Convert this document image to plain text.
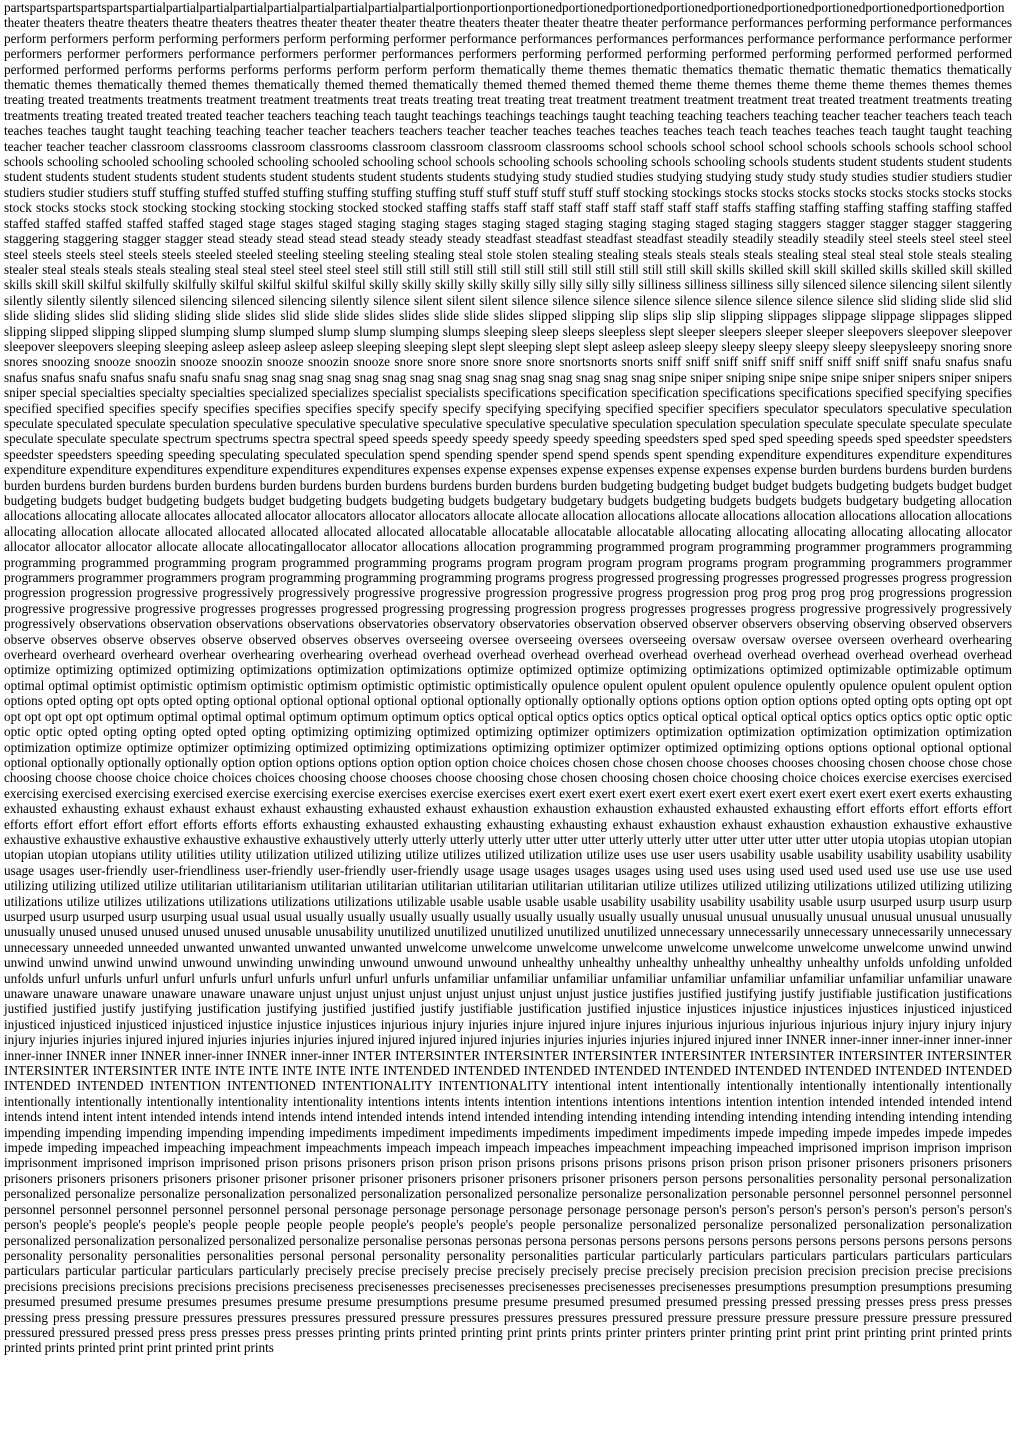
partspartspartspartspartspartialpartialpartialpartialpartialpartialpartialpartialpartialportionportionportionedportionedportionedportionedportionedportionedportionedportionedportionedportion

theater theaters theatre theaters theatre theaters theatres theater theater theater theatre theaters theater theater theatre theater performance performances performing performance performances perform performers perform performing performers perform performing performer performance performances performances performances performance performance performance performer performers performer performers performance performers performer performances performers performing performed performing performed performing performed performed performed performed performed performs performs performs performs perform perform perform thematically theme themes thematic thematics thematic thematic thematic thematics thematically thematic themes thematically themed themes thematically themed themed thematically themed themed themed themed theme theme themes theme theme theme themes themes themes treating treated treatments treatments treatment treatment treatments treat treats treating treat treating treat treatment treatment treatment treatment treat treated treatment treatments treating treatments treating treated treated treated teacher teachers teaching teach taught teachings teachings teachings taught teaching teaching teachers teaching teacher teacher teachers teach teach teaches teaches taught taught teaching teaching teacher teacher teachers teachers teacher teacher teaches teaches teaches teaches teach teach teaches teaches teach taught taught teaching teacher teacher teacher classroom classrooms classroom classrooms classroom classroom classroom classrooms school schools school school school schools schools schools school school schools schooling schooled schooling schooled schooling schooled schooling school schools schooling schools schooling schools schooling schools students student students student students student students student students student students student students student students students studying study studied studies studying studying study study study studies studier studiers studier studiers studier studiers stuff stuffing stuffed stuffed stuffing stuffing stuffing stuffing stuff stuff stuff stuff stuff stuff stocking stockings stocks stocks stocks stocks stocks stocks stocks stocks stock stocks stocks stock stocking stocking stocking stocking stocked stocked staffing staffs staff staff staff staff staff staff staff staff staffs staffing staffing staffing staffing staffing staffed staffed staffed staffed staffed staffed staged stage stages staged staging staging stages staging staged staging staging staging staged staging staggers stagger stagger stagger staggering staggering staggering stagger stagger stead steady stead stead stead steady steady steady steadfast steadfast steadfast steadfast steadily steadily steadily steadily steel steels steel steel steel steel steels steels steel steels steels steeled steeled steeling steeling steeling stealing steal stole stolen stealing stealing steals steals steals steals stealing steal steal steal stole steals stealing stealer steal steals steals steals stealing steal steal steel steel steel steel still still still still still still still still still still still still still skill skills skilled skill skill skilled skills skilled skill skilled skills skill skill skilful skilfully skilfully skilful skilful skilful skilful skilly skilly skilly skilly skilly silly silly silly silly silliness silliness silliness silly silenced silence silencing silent silently silently silently silently silenced silencing silenced silencing silently silence silent silent silent silence silence silence silence silence silence silence silence silence slid sliding slide slid slid slide sliding slides slid sliding sliding slide slides slid slide slide slides slides slide slide slides slipped slipping slip slips slip slip slipping slippages slippage slippage slippages slipped slipping slipped slipping slipped slumping slump slumped slump slump slumping slumps sleeping sleep sleeps sleepless slept sleeper sleepers sleeper sleeper sleepovers sleepover sleepover sleepover sleepovers sleeping sleeping asleep asleep asleep asleep sleeping sleeping slept slept sleeping slept slept asleep asleep sleepy sleepy sleepy sleepy sleepy sleepysleepy snoring snore snores snoozing snooze snoozin snooze snoozin snooze snoozin snooze snore snore snore snore snore snortsnorts snorts sniff sniff sniff sniff sniff sniff sniff sniff sniff snafu snafus snafu snafus snafus snafu snafus snafu snafu snafu snag snag snag snag snag snag snag snag snag snag snag snag snag snag snag snipe sniper sniping snipe snipe snipe sniper snipers sniper snipers sniper special specialties specialty specialties specialized specializes specialist specialists specifications specification specification specifications specifications specified specifying specifies specified specified specifies specify specifies specifies specifies specify specify specify specifying specifying specified specifier specifiers speculator speculators speculative speculation speculate speculated speculate speculation speculative speculative speculative speculative speculative speculative speculation speculation speculation speculate speculate speculate speculate speculate speculate speculate spectrum spectrums spectra spectral speed speeds speedy speedy speedy speedy speeding speedsters sped sped sped speeding speeds sped speedster speedsters speedster speedsters speeding speeding speculating speculated speculation spend spending spender spend spend spends spent spending expenditure expenditures expenditure expenditures expenditure expenditure expenditures expenditure expenditures expenditures expenses expense expenses expense expenses expense expenses expense burden burdens burdens burden burdens burden burdens burden burdens burden burdens burden burdens burden burdens burdens burden burdens burden budgeting budgeting budget budget budgets budgeting budgets budget budget budgeting budgets budget budgeting budgets budget budgeting budgets budgeting budgets budgetary budgetary budgets budgeting budgets budgets budgets budgetary budgeting allocation allocations allocating allocate allocates allocated allocator allocators allocator allocators allocate allocate allocation allocations allocate allocations allocation allocations allocation allocations allocating allocation allocate allocated allocated allocated allocated allocated allocatable allocatable allocatable allocatable allocating allocating allocating allocating allocating allocator allocator allocator allocator allocate allocate allocatingallocator allocator allocations allocation programming programmed program programming programmer programmers programming programming programmed programming program programmed programming programs program program program program programs program programming programmers programmer programmers programmer programmers program programming programming programming programs progress progressed progressing progresses progressed progresses progress progression progression progression progressive progressively progressively progressive progressive progression progressive progress progression prog prog prog prog prog progressions progression progressive progressive progressive progresses progresses progressed progressing progressing progression progress progresses progresses progress progressive progressively progressively progressively observations observation observations observations observatories observatory observatories observation observed observer observers observing observing observed observers observe observes observe observes observe observed observes observes overseeing oversee overseeing oversees overseeing oversaw oversaw oversee overseen overheard overhearing overheard overheard overheard overhear overhearing overhearing overhead overhead overhead overhead overhead overhead overhead overhead overhead overhead overhead overhead optimize optimizing optimized optimizing optimizations optimization optimizations optimize optimized optimize optimizing optimizations optimized optimizable optimizable optimum optimal optimal optimist optimistic optimism optimistic optimism optimistic optimistic optimistically opulence opulent opulent opulent opulence opulently opulence opulent opulent option options opted opting opt opts opted opting optional optional optional optional optional optionally optionally optionally options options option option options opted opting opts opting opt opt opt opt opt opt opt optimum optimal optimal optimal optimum optimum optimum optics optical optical optics optics optics optical optical optical optical optics optics optics optic optic optic optic optic opted opting opting opted opted opting optimizing optimizing optimized optimizing optimizer optimizers optimization optimization optimization optimization optimization optimization optimize optimize optimizer optimizing optimized optimizing optimizations optimizing optimizer optimizer optimized optimizing options options optional optional optional optional optionally optionally optionally option option options options option option option choice choices chosen chose chosen choose chooses chooses choosing chosen choose chose chose choosing choose choose choice choice choices choices choosing choose chooses choose choosing chose chosen choosing chosen choice choosing choice choices exercise exercises exercised exercising exercised exercising exercised exercise exercising exercise exercises exercise exercises exert exert exert exert exert exert exert exert exert exert exert exert exert exerts exhausting exhausted exhausting exhaust exhaust exhaust exhaust exhausting exhausted exhaust exhaustion exhaustion exhaustion exhausted exhausted exhausting effort efforts effort efforts effort efforts effort effort effort effort efforts efforts efforts exhausting exhausted exhausting exhausting exhausting exhaust exhaustion exhaust exhaustion exhaustion exhaustive exhaustive exhaustive exhaustive exhaustive exhaustive exhaustive exhaustively utterly utterly utterly utterly utter utter utter utterly utterly utter utter utter utter utter utter utopia utopias utopian utopian utopian utopian utopians utility utilities utility utilization utilized utilizing utilize utilizes utilized utilization utilize uses use user users usability usable usability usability usability usability usage usages user-friendly user-friendliness user-friendly user-friendly user-friendly usage usage usages usages usages using used uses using used used used used use use use use used utilizing utilizing utilized utilize utilitarian utilitarianism utilitarian utilitarian utilitarian utilitarian utilitarian utilitarian utilize utilizes utilized utilizing utilizations utilized utilizing utilizing utilizations utilize utilizes utilizations utilizations utilizations utilizations utilizable usable usable usable usable usability usability usability usability usable usurp usurped usurp usurp usurp usurped usurp usurped usurp usurping usual usual usual usually usually usually usually usually usually usually usually usually unusual unusual unusually unusual unusual unusual unusually unusually unused unused unused unused unused unusable unusability unutilized unutilized unutilized unutilized unutilized unnecessary unnecessarily unnecessary unnecessarily unnecessary unnecessary unneeded unneeded unwanted unwanted unwanted unwanted unwelcome unwelcome unwelcome unwelcome unwelcome unwelcome unwelcome unwelcome unwind unwind unwind unwind unwind unwind unwound unwinding unwinding unwound unwound unwound unhealthy unhealthy unhealthy unhealthy unhealthy unhealthy unfolds unfolding unfolded unfolds unfurl unfurls unfurl unfurl unfurls unfurl unfurls unfurl unfurl unfurls unfamiliar unfamiliar unfamiliar unfamiliar unfamiliar unfamiliar unfamiliar unfamiliar unfamiliar unaware unaware unaware unaware unaware unaware unaware unjust unjust unjust unjust unjust unjust unjust unjust justice justifies justified justifying justify justifiable justification justifications justified justified justify justifying justification justifying justified justified justify justifiable justification justified injustice injustices injustice injustices injustices injusticed injusticed injusticed injusticed injusticed injusticed injustice injustice injustices injurious injury injuries injure injured injure injures injurious injurious injurious injurious injury injury injury injury injury injuries injuries injured injured injuries injuries injuries injured injured injured injured injuries injuries injuries injuries injured injured inner INNER inner-inner inner-inner inner-inner inner-inner INNER inner INNER inner-inner INNER inner-inner INTER INTERSINTER INTERSINTER INTERSINTER INTERSINTER INTERSINTER INTERSINTER INTERSINTER INTERSINTER INTERSINTER INTE INTE INTE INTE INTE INTE INTENDED INTENDED INTENDED INTENDED INTENDED INTENDED INTENDED INTENDED INTENDED INTENDED INTENDED INTENTION INTENTIONED INTENTIONALITY INTENTIONALITY intentional intent intentionally intentionally intentionally intentionally intentionally intentionally intentionally intentionally intentionality intentionality intentions intents intents intention intentions intentions intentions intention intention intended intended intended intend intends intend intent intent intended intends intend intends intend intended intends intend intended intending intending intending intending intending intending intending intending intending impending impending impending impending impending impediments impediment impediments impediments impediment impediments impede impeding impede impedes impede impedes impede impeding impeached impeaching impeachment impeachments impeach impeach impeach impeaches impeachment impeaching impeached imprisoned imprison imprison imprison imprisonment imprisoned imprison imprisoned prison prisons prisoners prison prison prison prisons prisons prisons prisons prison prison prison prisoner prisoners prisoners prisoners prisoners prisoners prisoners prisoners prisoner prisoner prisoner prisoner prisoners prisoner prisoners prisoner prisoners person persons personalities personality personal personalization personalized personalize personalize personalization personalized personalization personalized personalize personalize personalization personable personnel personnel personnel personnel personnel personnel personnel personnel personnel personal personage personage personage personage personage personage person's person's person's person's person's person's person's person's people's people's people's people people people people people's people's people's people personalize personalized personalize personalized personalization personalization personalized personalization personalized personalized personalize personalise personas personas persona personas persons persons persons persons persons persons persons persons persons personality personality personalities personalities personal personal personality personality personalities particular particularly particulars particulars particulars particulars particulars particulars particular particular particulars particularly precisely precise precisely precise precisely precisely precise precisely precision precision precision precision precise precisions precisions precisions precisions precisions precisions preciseness precisenesses precisenesses precisenesses precisenesses precisenesses presumptions presumption presumptions presuming presumed presumed presume presumes presumes presume presume presumptions presume presume presumed presumed presumed pressing pressed pressing presses press press presses pressing press pressing pressure pressures pressures pressures pressured pressure pressures pressures pressures pressured pressure pressure pressure pressure pressure pressure pressured pressured pressured pressed press press presses press presses printing prints printed printing print prints prints printer printers printer printing print print print printing print printed prints printed prints printed print print printed print prints
